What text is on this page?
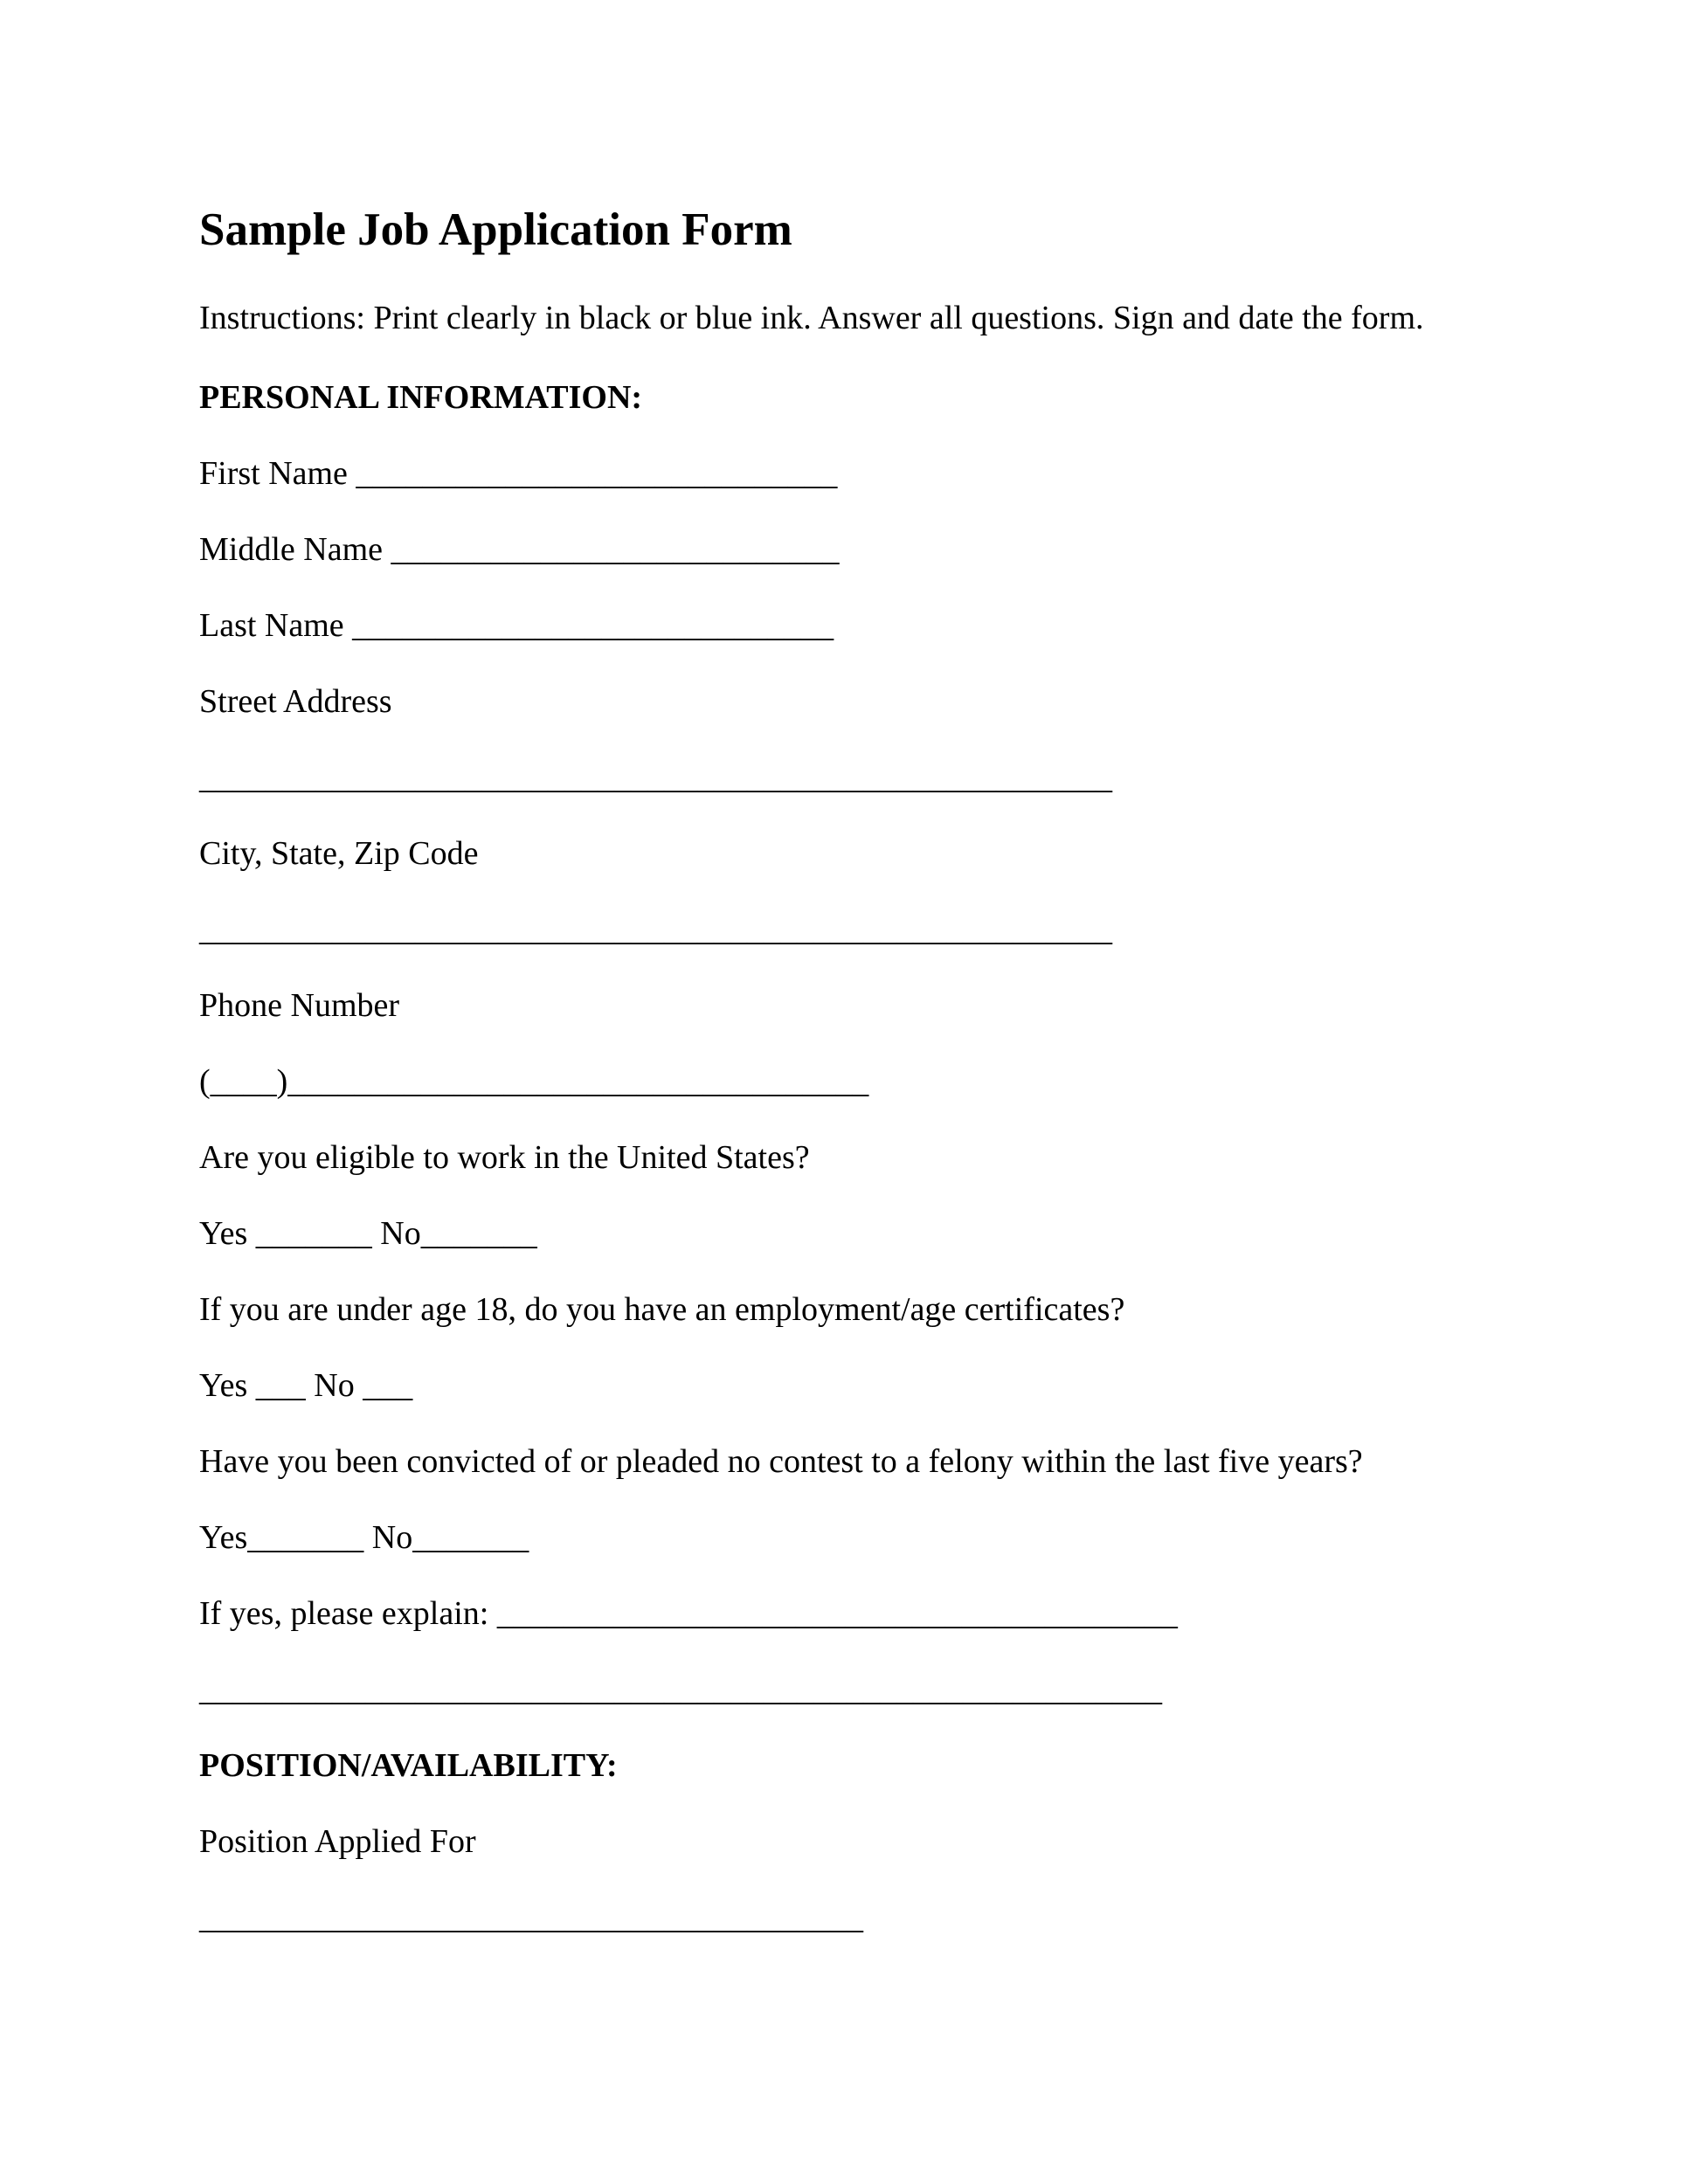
Sample Job Application Form

Instructions: Print clearly in black or blue ink. Answer all questions. Sign and date the form.

PERSONAL INFORMATION:

First Name _____________________________

Middle Name ___________________________

Last Name _____________________________

Street Address

_______________________________________________________

City, State, Zip Code

_______________________________________________________

Phone Number

(____)___________________________________

Are you eligible to work in the United States?

Yes _______ No_______

If you are under age 18, do you have an employment/age certificates?

Yes ___ No ___

Have you been convicted of or pleaded no contest to a felony within the last five years?

Yes_______ No_______

If yes, please explain: _________________________________________

__________________________________________________________

POSITION/AVAILABILITY:

Position Applied For

________________________________________
